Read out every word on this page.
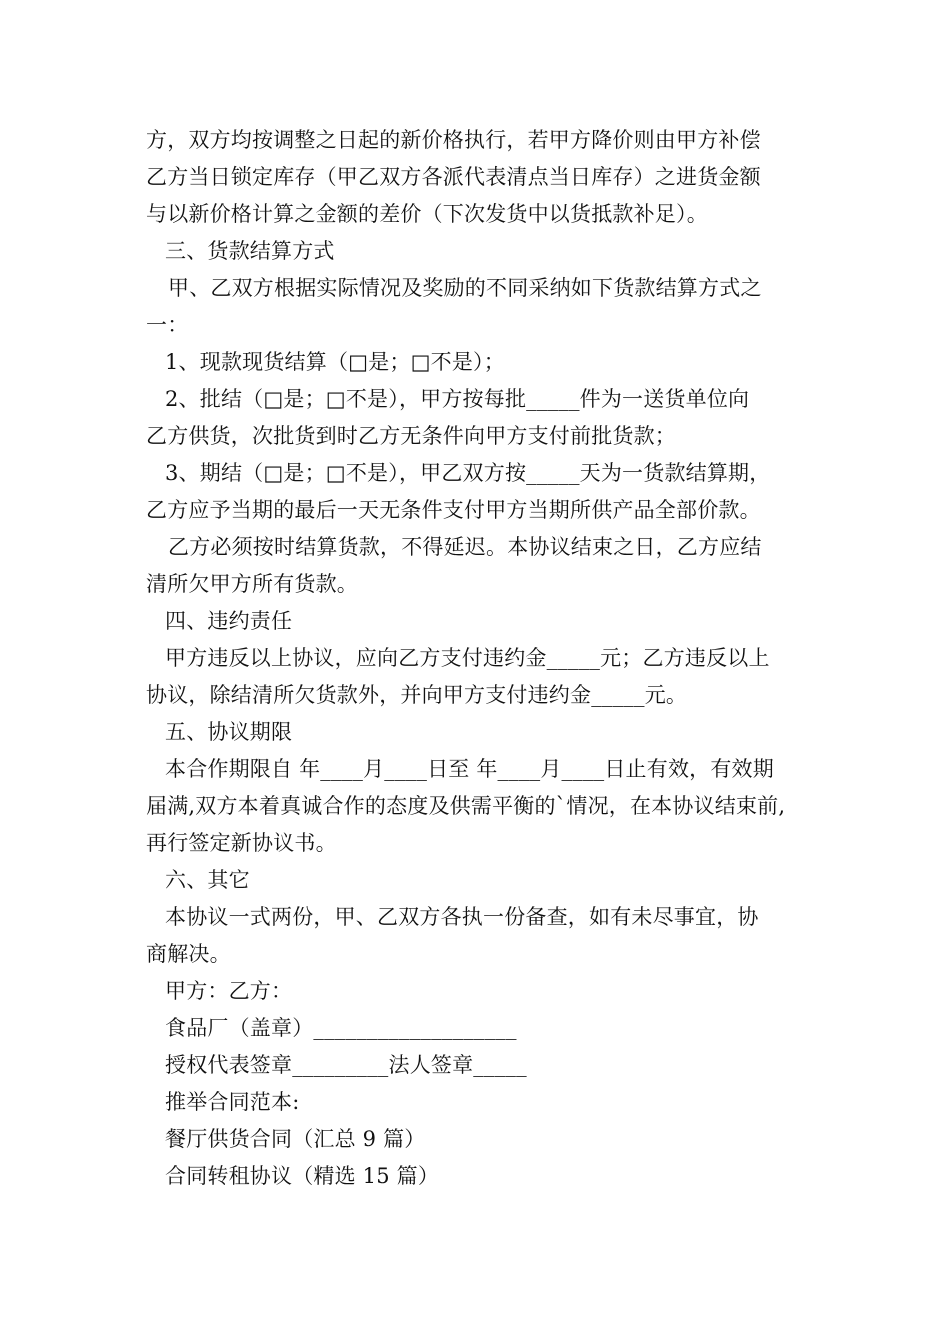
方，双方均按调整之日起的新价格执行，若甲方降价则由甲方补偿
乙方当日锁定库存（甲乙双方各派代表清点当日库存）之进货金额
与以新价格计算之金额的差价（下次发货中以货抵款补足）。
三、货款结算方式
甲、乙双方根据实际情况及奖励的不同采纳如下货款结算方式之
一：
1、现款现货结算（□是；□不是）；
2、批结（□是；□不是），甲方按每批_____件为一送货单位向
乙方供货，次批货到时乙方无条件向甲方支付前批货款；
3、期结（□是；□不是），甲乙双方按_____天为一货款结算期，
乙方应予当期的最后一天无条件支付甲方当期所供产品全部价款。
乙方必须按时结算货款，不得延迟。本协议结束之日，乙方应结
清所欠甲方所有货款。
四、违约责任
甲方违反以上协议，应向乙方支付违约金_____元；乙方违反以上
协议，除结清所欠货款外，并向甲方支付违约金_____元。
五、协议期限
本合作期限自 年____月____日至 年____月____日止有效，有效期
届满,双方本着真诚合作的态度及供需平衡的`情况，在本协议结束前,
再行签定新协议书。
六、其它
本协议一式两份，甲、乙双方各执一份备查，如有未尽事宜，协
商解决。
甲方：乙方：
食品厂（盖章）___________________
授权代表签章_________法人签章_____
推举合同范本:
餐厅供货合同（汇总 9 篇）
合同转租协议（精选 15 篇）
